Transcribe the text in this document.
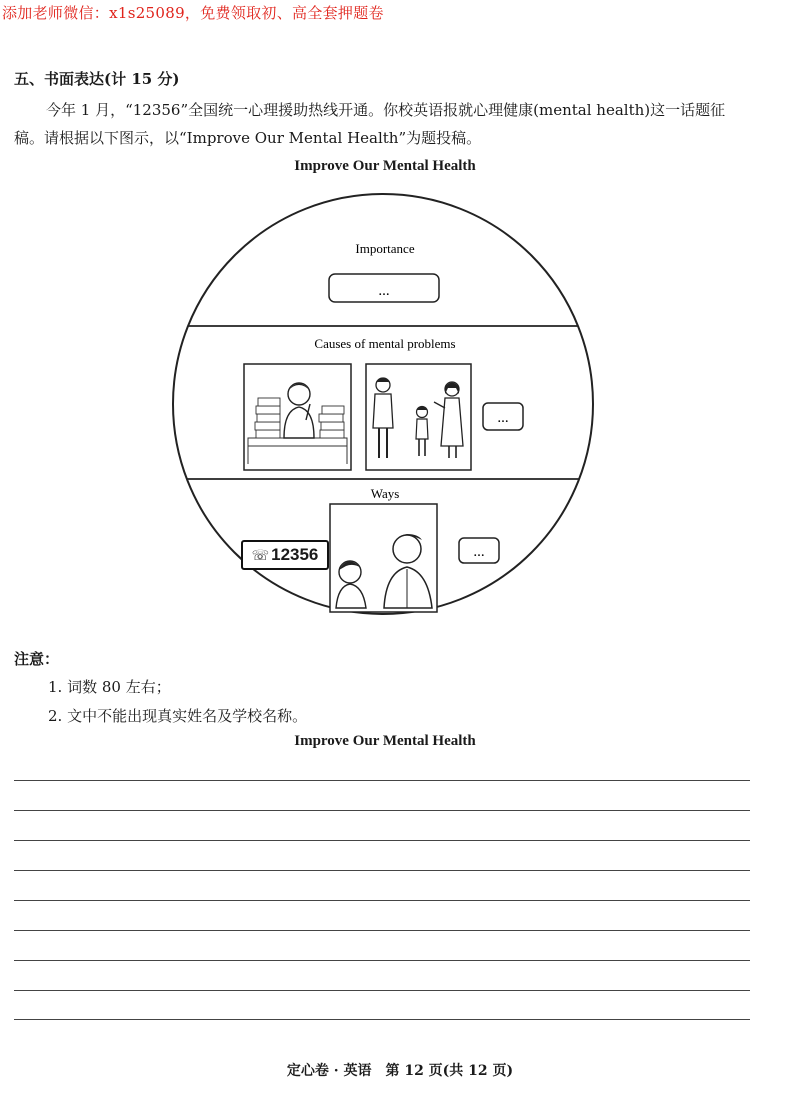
添加老师微信：x1s25089，免费领取初、高全套押题卷
五、书面表达(计 15 分)
今年 1 月，“12356”全国统一心理援助热线开通。你校英语报就心理健康(mental health)这一话题征稿。请根据以下图示，以“Improve Our Mental Health”为题投稿。
Improve Our Mental Health
Importance
...
Causes of mental problems
...
Ways
...
☏ 12356
注意：
1. 词数 80 左右；
2. 文中不能出现真实姓名及学校名称。
Improve Our Mental Health
定心卷 · 英语　第 12 页(共 12 页)
